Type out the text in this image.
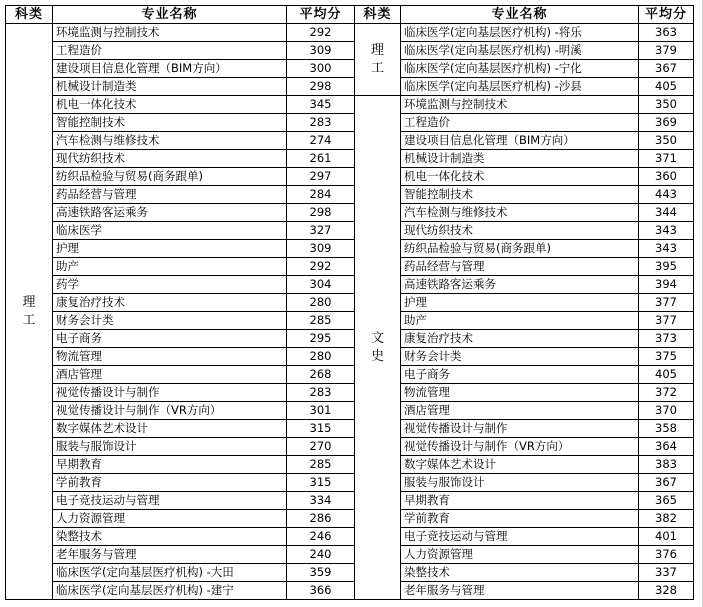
科类	专业名称	平均分	科类	专业名称	平均分
理工	环境监测与控制技术	292	理工	临床医学(定向基层医疗机构) -将乐	363
	工程造价	309		临床医学(定向基层医疗机构) -明溪	379
	建设项目信息化管理（BIM方向）	300		临床医学(定向基层医疗机构) -宁化	367
	机械设计制造类	298		临床医学(定向基层医疗机构) -沙县	405
	机电一体化技术	345	文史	环境监测与控制技术	350
	智能控制技术	283		工程造价	369
	汽车检测与维修技术	274		建设项目信息化管理（BIM方向）	350
	现代纺织技术	261		机械设计制造类	371
	纺织品检验与贸易(商务跟单)	297		机电一体化技术	360
	药品经营与管理	284		智能控制技术	443
	高速铁路客运乘务	298		汽车检测与维修技术	344
	临床医学	327		现代纺织技术	343
	护理	309		纺织品检验与贸易(商务跟单)	343
	助产	292		药品经营与管理	395
	药学	304		高速铁路客运乘务	394
	康复治疗技术	280		护理	377
	财务会计类	285		助产	377
	电子商务	295		康复治疗技术	373
	物流管理	280		财务会计类	375
	酒店管理	268		电子商务	405
	视觉传播设计与制作	283		物流管理	372
	视觉传播设计与制作（VR方向）	301		酒店管理	370
	数字媒体艺术设计	315		视觉传播设计与制作	358
	服装与服饰设计	270		视觉传播设计与制作（VR方向）	364
	早期教育	285		数字媒体艺术设计	383
	学前教育	315		服装与服饰设计	367
	电子竞技运动与管理	334		早期教育	365
	人力资源管理	286		学前教育	382
	染整技术	246		电子竞技运动与管理	401
	老年服务与管理	240		人力资源管理	376
	临床医学(定向基层医疗机构) -大田	359		染整技术	337
	临床医学(定向基层医疗机构) -建宁	366		老年服务与管理	328
